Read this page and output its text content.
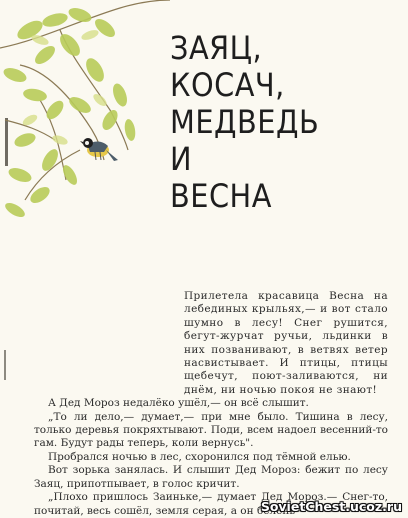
ЗАЯЦ,
КОСАЧ,
МЕДВЕДЬ
И
ВЕСНА

Прилетела красавица Весна на лебединых крыльях,— и вот стало шумно в лесу! Снег рушится, бегут-журчат ручьи, льдинки в них позванивают, в ветвях ветер насвистывает. И птицы, птицы щебечут, поют-заливаются, ни днём, ни ночью покоя не знают!

А Дед Мороз недалёко ушёл,— он всё слышит.

„То ли дело,— думает,— при мне было. Тишина в лесу, только деревья покряхтывают. Поди, всем надоел весенний-то гам. Будут рады теперь, коли вернусь".

Пробрался ночью в лес, схоронился под тёмной елью.

Вот зорька занялась. И слышит Дед Мороз: бежит по лесу Заяц, припотпывает, в голос кричит.

„Плохо пришлось Заиньке,— думает Дед Мороз.— Снег-то, почитай, весь сошёл, земля серая, а он белень-

SovietChest.ucoz.ru
